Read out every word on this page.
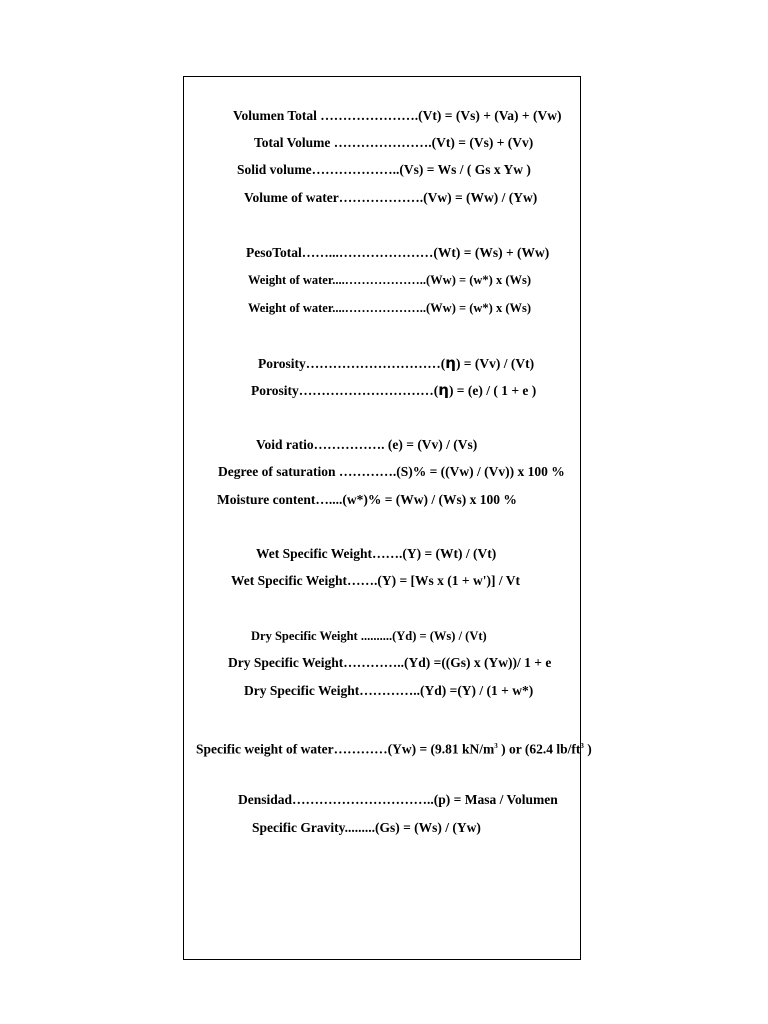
Volumen Total ………………….(Vt) = (Vs) + (Va) + (Vw)
Total Volume ………………….(Vt) = (Vs) + (Vv)
Solid volume………………..(Vs) = Ws / ( Gs x Yw )
Volume of water……………….(Vw) = (Ww) / (Yw)
PesoTotal……...…………………(Wt) = (Ws) + (Ww)
Weight of water....………………..(Ww) = (w*) x (Ws)
Weight of water....………………..(Ww) = (w*) x (Ws)
Porosity…………………………(η) = (Vv) / (Vt)
Porosity…………………………(η) = (e) / ( 1 + e )
Void ratio……………. (e) = (Vv) / (Vs)
Degree of saturation ………….(S)% = ((Vw) / (Vv)) x 100 %
Moisture content…....(w*)% = (Ww) / (Ws) x 100 %
Wet Specific Weight…….(Y) = (Wt) / (Vt)
Wet Specific Weight…….(Y) = [Ws x (1 + w')] / Vt
Dry Specific Weight ..........(Yd) = (Ws) / (Vt)
Dry Specific Weight…………..(Yd) =((Gs) x (Yw))/ 1 + e
Dry Specific Weight…………..(Yd) =(Y) / (1 + w*)
Specific weight of water…………(Yw) = (9.81 $kN/m^3$ ) or (62.4 $lb/ft^3$ )
Densidad…………………………..(p) = Masa / Volumen
Specific Gravity.........(Gs) = (Ws) / (Yw)
